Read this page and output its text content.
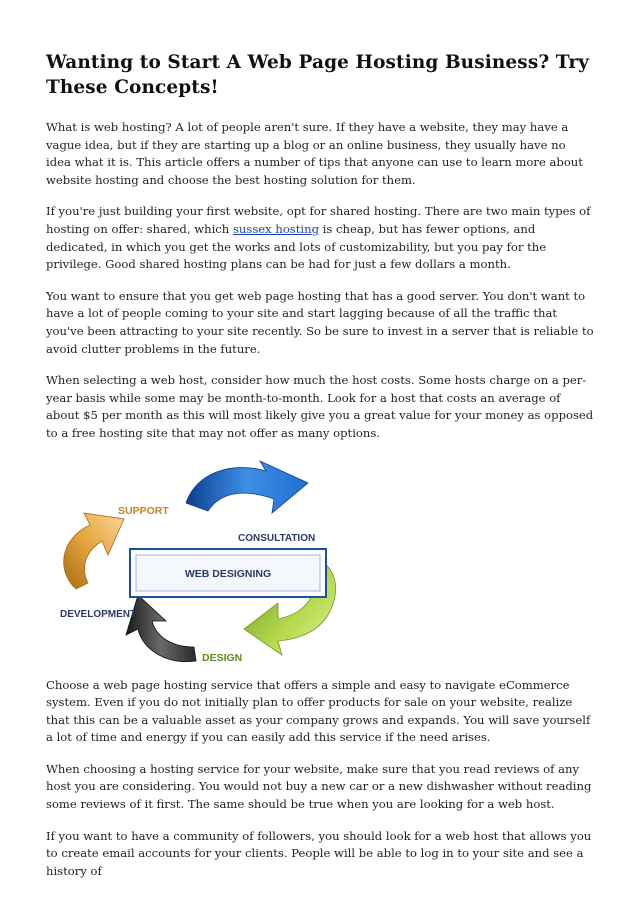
Wanting to Start A Web Page Hosting Business? Try These Concepts!

What is web hosting? A lot of people aren't sure. If they have a website, they may have a vague idea, but if they are starting up a blog or an online business, they usually have no idea what it is. This article offers a number of tips that anyone can use to learn more about website hosting and choose the best hosting solution for them.

If you're just building your first website, opt for shared hosting. There are two main types of hosting on offer: shared, which sussex hosting is cheap, but has fewer options, and dedicated, in which you get the works and lots of customizability, but you pay for the privilege. Good shared hosting plans can be had for just a few dollars a month.

You want to ensure that you get web page hosting that has a good server. You don't want to have a lot of people coming to your site and start lagging because of all the traffic that you've been attracting to your site recently. So be sure to invest in a server that is reliable to avoid clutter problems in the future.

When selecting a web host, consider how much the host costs. Some hosts charge on a per-year basis while some may be month-to-month. Look for a host that costs an average of about $5 per month as this will most likely give you a great value for your money as opposed to a free hosting site that may not offer as many options.

WEB DESIGNING
SUPPORT
CONSULTATION
DEVELOPMENT
DESIGN

Choose a web page hosting service that offers a simple and easy to navigate eCommerce system. Even if you do not initially plan to offer products for sale on your website, realize that this can be a valuable asset as your company grows and expands. You will save yourself a lot of time and energy if you can easily add this service if the need arises.

When choosing a hosting service for your website, make sure that you read reviews of any host you are considering. You would not buy a new car or a new dishwasher without reading some reviews of it first. The same should be true when you are looking for a web host.

If you want to have a community of followers, you should look for a web host that allows you to create email accounts for your clients. People will be able to log in to your site and see a history of
